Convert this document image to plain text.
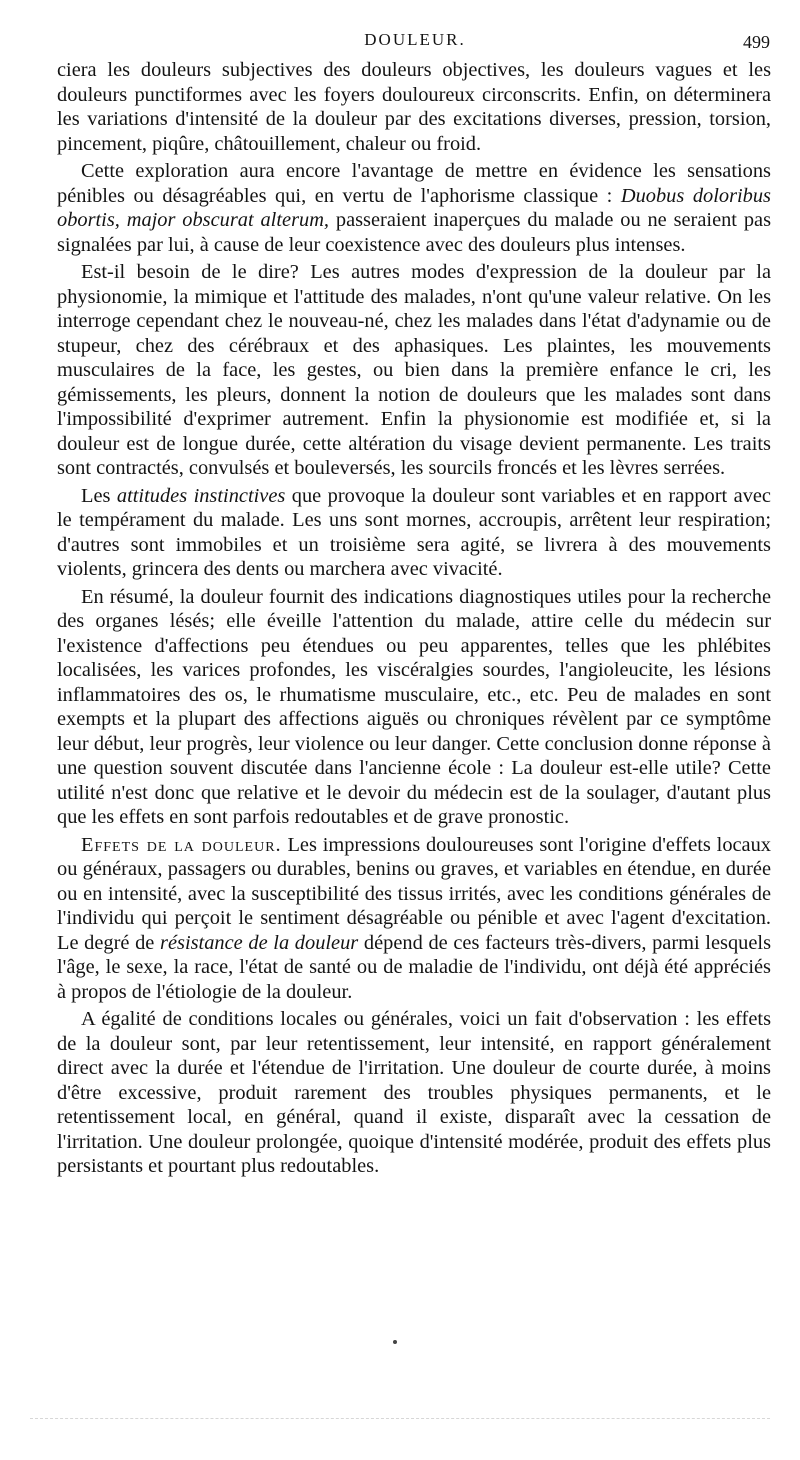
DOULEUR.	499

ciera les douleurs subjectives des douleurs objectives, les douleurs vagues et les douleurs punctiformes avec les foyers douloureux circonscrits. Enfin, on déterminera les variations d'intensité de la douleur par des excitations diverses, pression, torsion, pincement, piqûre, châtouillement, chaleur ou froid.

Cette exploration aura encore l'avantage de mettre en évidence les sensations pénibles ou désagréables qui, en vertu de l'aphorisme classique : Duobus doloribus obortis, major obscurat alterum, passeraient inaperçues du malade ou ne seraient pas signalées par lui, à cause de leur coexistence avec des douleurs plus intenses.

Est-il besoin de le dire? Les autres modes d'expression de la douleur par la physionomie, la mimique et l'attitude des malades, n'ont qu'une valeur relative. On les interroge cependant chez le nouveau-né, chez les malades dans l'état d'adynamie ou de stupeur, chez des cérébraux et des aphasiques. Les plaintes, les mouvements musculaires de la face, les gestes, ou bien dans la première enfance le cri, les gémissements, les pleurs, donnent la notion de douleurs que les malades sont dans l'impossibilité d'exprimer autrement. Enfin la physionomie est modifiée et, si la douleur est de longue durée, cette altération du visage devient permanente. Les traits sont contractés, convulsés et bouleversés, les sourcils froncés et les lèvres serrées.

Les attitudes instinctives que provoque la douleur sont variables et en rapport avec le tempérament du malade. Les uns sont mornes, accroupis, arrêtent leur respiration; d'autres sont immobiles et un troisième sera agité, se livrera à des mouvements violents, grincera des dents ou marchera avec vivacité.

En résumé, la douleur fournit des indications diagnostiques utiles pour la recherche des organes lésés; elle éveille l'attention du malade, attire celle du médecin sur l'existence d'affections peu étendues ou peu apparentes, telles que les phlébites localisées, les varices profondes, les viscéralgies sourdes, l'angioleucite, les lésions inflammatoires des os, le rhumatisme musculaire, etc., etc. Peu de malades en sont exempts et la plupart des affections aiguës ou chroniques révèlent par ce symptôme leur début, leur progrès, leur violence ou leur danger. Cette conclusion donne réponse à une question souvent discutée dans l'ancienne école : La douleur est-elle utile? Cette utilité n'est donc que relative et le devoir du médecin est de la soulager, d'autant plus que les effets en sont parfois redoutables et de grave pronostic.

Effets de la douleur. Les impressions douloureuses sont l'origine d'effets locaux ou généraux, passagers ou durables, benins ou graves, et variables en étendue, en durée ou en intensité, avec la susceptibilité des tissus irrités, avec les conditions générales de l'individu qui perçoit le sentiment désagréable ou pénible et avec l'agent d'excitation. Le degré de résistance de la douleur dépend de ces facteurs très-divers, parmi lesquels l'âge, le sexe, la race, l'état de santé ou de maladie de l'individu, ont déjà été appréciés à propos de l'étiologie de la douleur.

A égalité de conditions locales ou générales, voici un fait d'observation : les effets de la douleur sont, par leur retentissement, leur intensité, en rapport généralement direct avec la durée et l'étendue de l'irritation. Une douleur de courte durée, à moins d'être excessive, produit rarement des troubles physiques permanents, et le retentissement local, en général, quand il existe, disparaît avec la cessation de l'irritation. Une douleur prolongée, quoique d'intensité modérée, produit des effets plus persistants et pourtant plus redoutables.
